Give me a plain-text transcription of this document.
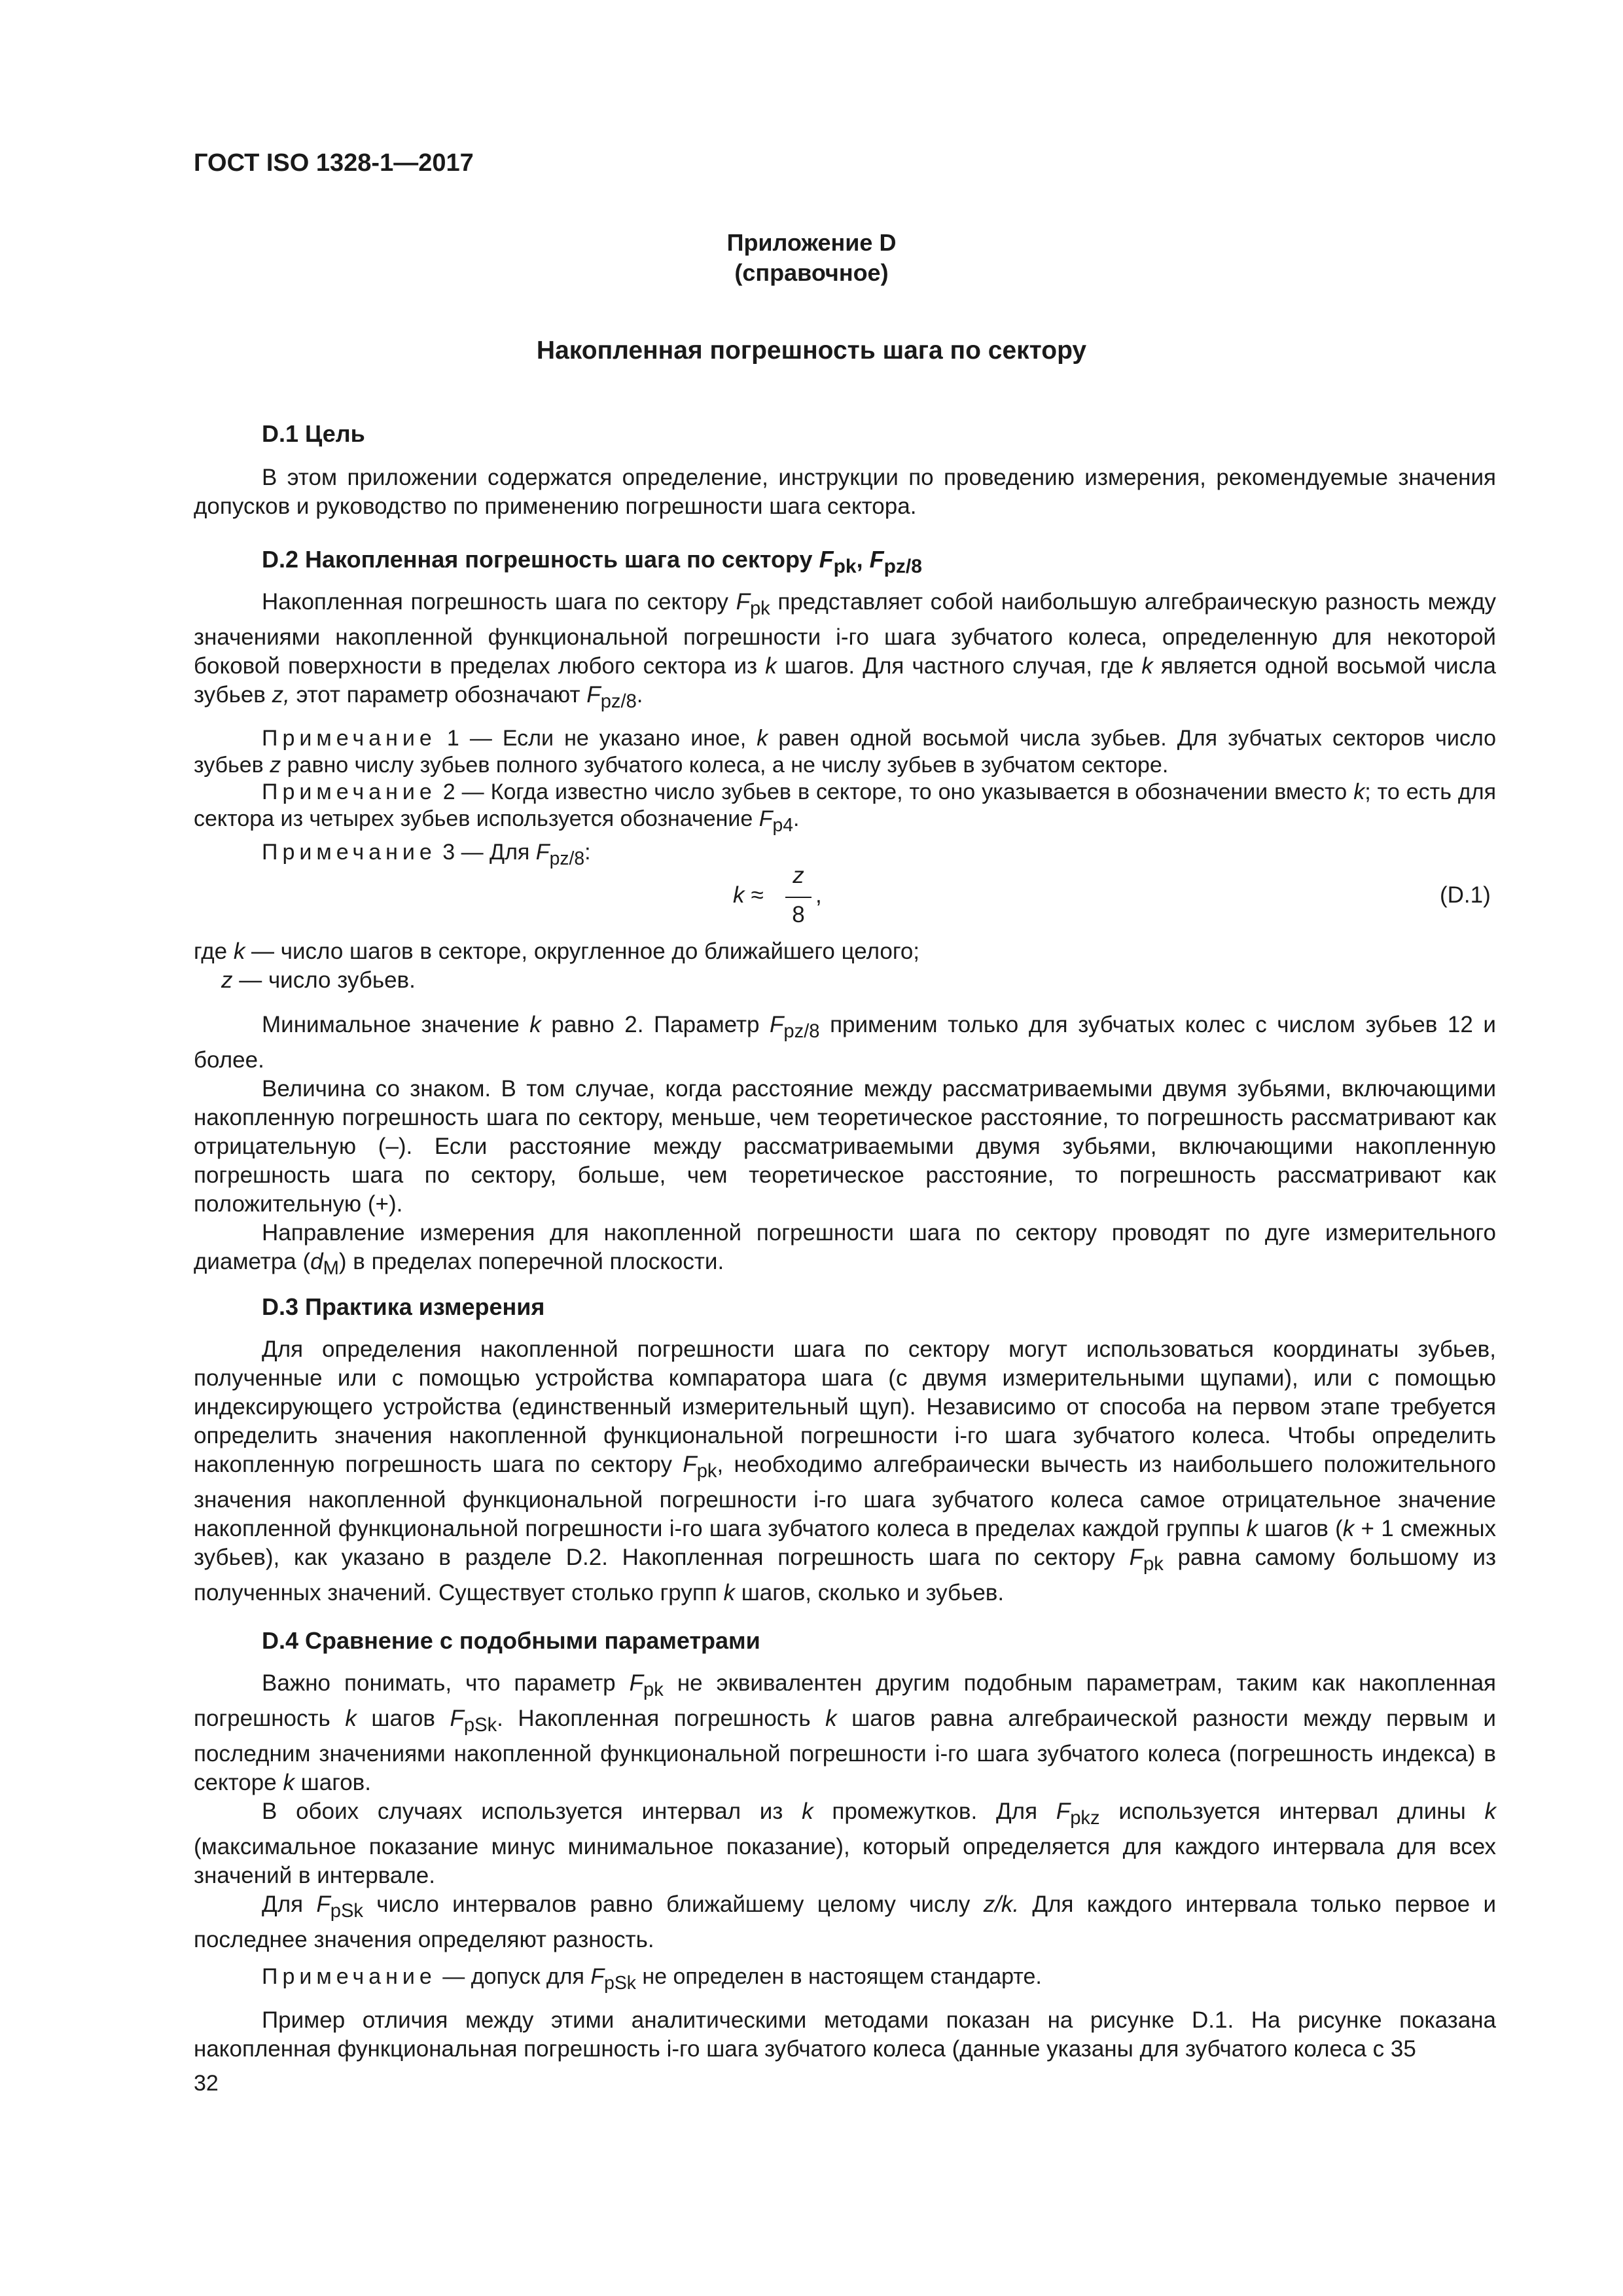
ГОСТ ISO 1328-1—2017
Приложение D
(справочное)
Накопленная погрешность шага по сектору
D.1 Цель

В этом приложении содержатся определение, инструкции по проведению измерения, рекомендуемые значения допусков и руководство по применению погрешности шага сектора.

D.2 Накопленная погрешность шага по сектору $F_{pk}$, $F_{pz/8}$

Накопленная погрешность шага по сектору $F_{pk}$ представляет собой наибольшую алгебраическую разность между значениями накопленной функциональной погрешности i-го шага зубчатого колеса, определенную для некоторой боковой поверхности в пределах любого сектора из k шагов. Для частного случая, где k является одной восьмой числа зубьев z, этот параметр обозначают $F_{pz/8}$.

Примечание 1 — Если не указано иное, k равен одной восьмой числа зубьев. Для зубчатых секторов число зубьев z равно числу зубьев полного зубчатого колеса, а не числу зубьев в зубчатом секторе.

Примечание 2 — Когда известно число зубьев в секторе, то оно указывается в обозначении вместо k; то есть для сектора из четырех зубьев используется обозначение $F_{p4}$.

Примечание 3 — Для $F_{pz/8}$:

k ≈
z
8
,	(D.1)
где k — число шагов в секторе, округленное до ближайшего целого;
z — число зубьев.

Минимальное значение k равно 2. Параметр $F_{pz/8}$ применим только для зубчатых колес с числом зубьев 12 и более.

Величина со знаком. В том случае, когда расстояние между рассматриваемыми двумя зубьями, включающими накопленную погрешность шага по сектору, меньше, чем теоретическое расстояние, то погрешность рассматривают как отрицательную (–). Если расстояние между рассматриваемыми двумя зубьями, включающими накопленную погрешность шага по сектору, больше, чем теоретическое расстояние, то погрешность рассматривают как положительную (+).

Направление измерения для накопленной погрешности шага по сектору проводят по дуге измерительного диаметра $(d_M)$ в пределах поперечной плоскости.

D.3 Практика измерения

Для определения накопленной погрешности шага по сектору могут использоваться координаты зубьев, полученные или с помощью устройства компаратора шага (с двумя измерительными щупами), или с помощью индексирующего устройства (единственный измерительный щуп). Независимо от способа на первом этапе требуется определить значения накопленной функциональной погрешности i-го шага зубчатого колеса. Чтобы определить накопленную погрешность шага по сектору $F_{pk}$, необходимо алгебраически вычесть из наибольшего положительного значения накопленной функциональной погрешности i-го шага зубчатого колеса самое отрицательное значение накопленной функциональной погрешности i-го шага зубчатого колеса в пределах каждой группы k шагов (k + 1 смежных зубьев), как указано в разделе D.2. Накопленная погрешность шага по сектору $F_{pk}$ равна самому большому из полученных значений. Существует столько групп k шагов, сколько и зубьев.

D.4 Сравнение с подобными параметрами

Важно понимать, что параметр $F_{pk}$ не эквивалентен другим подобным параметрам, таким как накопленная погрешность k шагов $F_{pSk}$. Накопленная погрешность k шагов равна алгебраической разности между первым и последним значениями накопленной функциональной погрешности i-го шага зубчатого колеса (погрешность индекса) в секторе k шагов.

В обоих случаях используется интервал из k промежутков. Для $F_{pkz}$ используется интервал длины k (максимальное показание минус минимальное показание), который определяется для каждого интервала для всех значений в интервале.

Для $F_{pSk}$ число интервалов равно ближайшему целому числу z/k. Для каждого интервала только первое и последнее значения определяют разность.

Примечание — допуск для $F_{pSk}$ не определен в настоящем стандарте.

Пример отличия между этими аналитическими методами показан на рисунке D.1. На рисунке показана накопленная функциональная погрешность i-го шага зубчатого колеса (данные указаны для зубчатого колеса с 35

32
